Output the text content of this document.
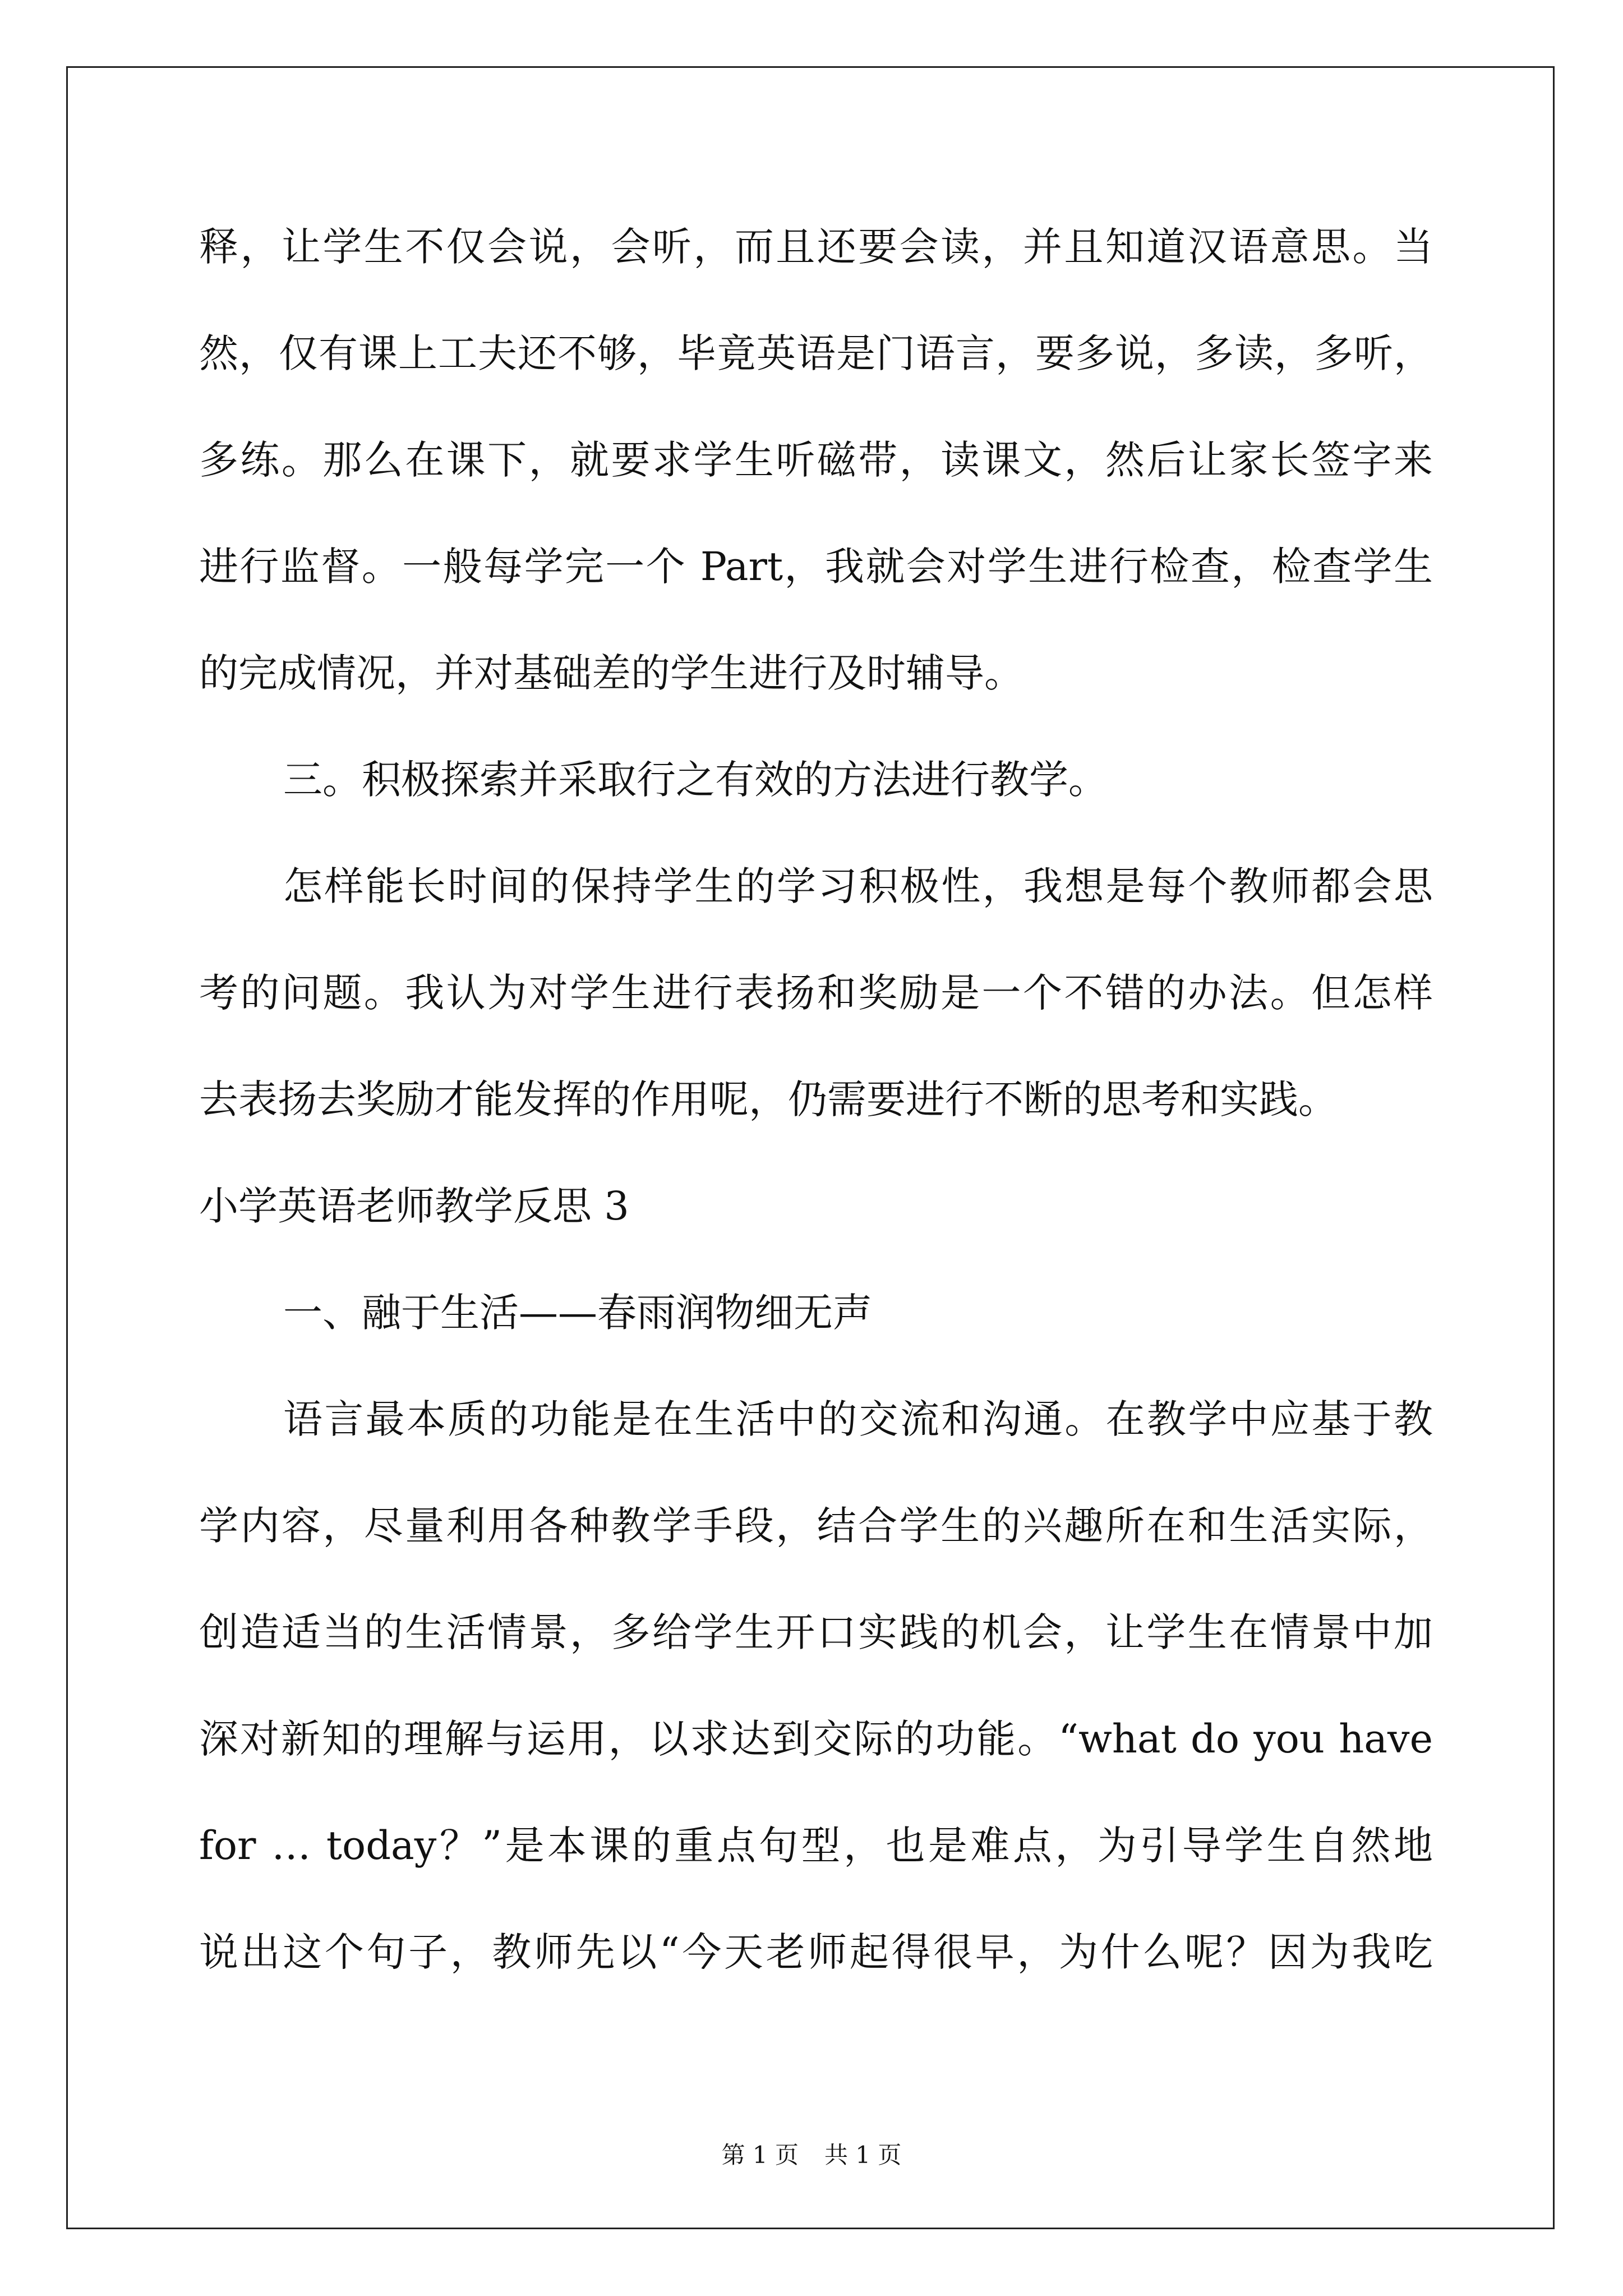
释，让学生不仅会说，会听，而且还要会读，并且知道汉语意思。当
然，仅有课上工夫还不够，毕竟英语是门语言，要多说，多读，多听，
多练。那么在课下，就要求学生听磁带，读课文，然后让家长签字来
进行监督。一般每学完一个 Part，我就会对学生进行检查，检查学生
的完成情况，并对基础差的学生进行及时辅导。
三。积极探索并采取行之有效的方法进行教学。
怎样能长时间的保持学生的学习积极性，我想是每个教师都会思
考的问题。我认为对学生进行表扬和奖励是一个不错的办法。但怎样
去表扬去奖励才能发挥的作用呢，仍需要进行不断的思考和实践。
小学英语老师教学反思 3
一、融于生活——春雨润物细无声
语言最本质的功能是在生活中的交流和沟通。在教学中应基于教
学内容，尽量利用各种教学手段，结合学生的兴趣所在和生活实际，
创造适当的生活情景，多给学生开口实践的机会，让学生在情景中加
深对新知的理解与运用，以求达到交际的功能。“what do you have
for … today？”是本课的重点句型，也是难点，为引导学生自然地
说出这个句子，教师先以“今天老师起得很早，为什么呢？因为我吃
第 1 页 共 1 页
